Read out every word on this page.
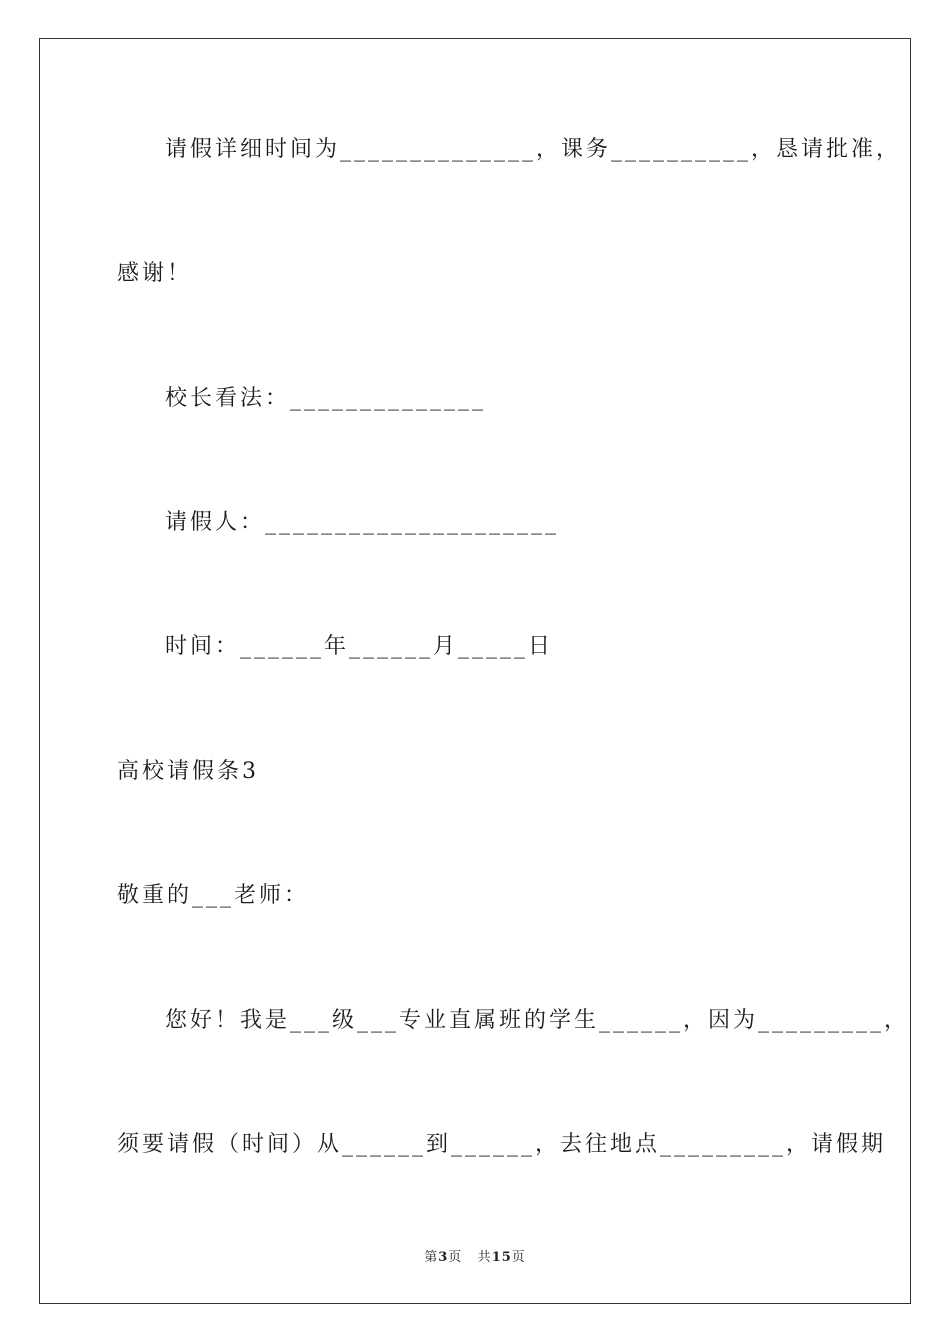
请假详细时间为______________，课务__________，恳请批准，
感谢！
校长看法：______________
请假人：_____________________
时间：______年______月_____日
高校请假条3
敬重的___老师：
您好！我是___级___专业直属班的学生______，因为_________，
须要请假（时间）从______到______，去往地点_________，请假期
第3页 共15页
